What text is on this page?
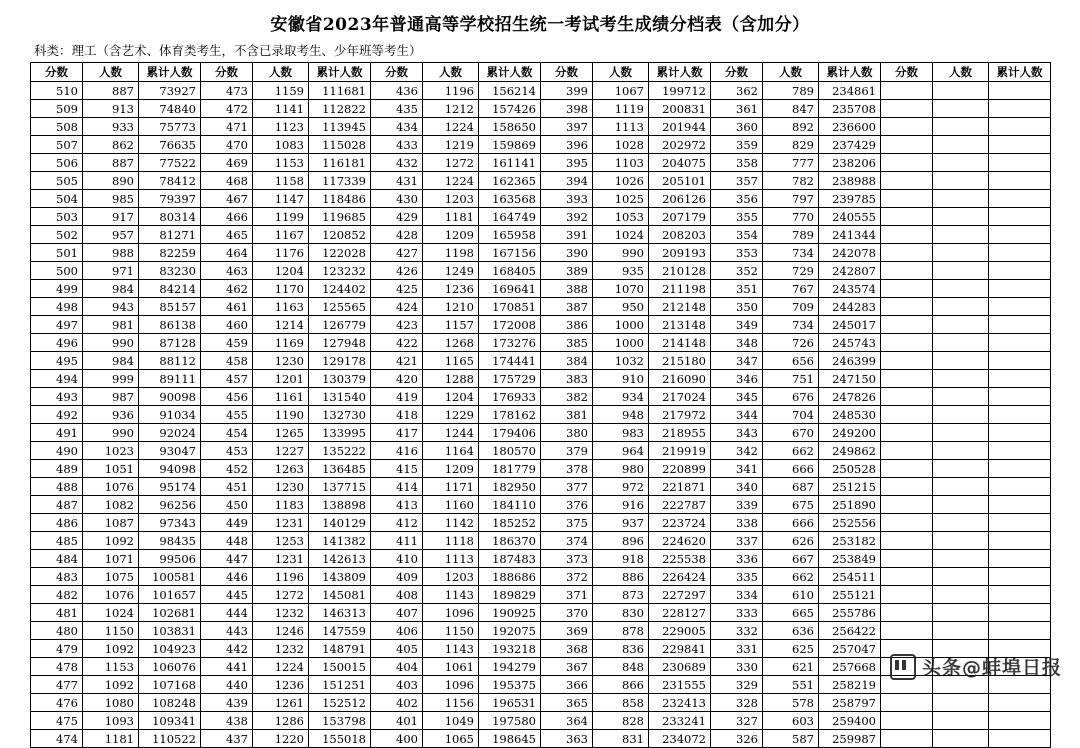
安徽省2023年普通高等学校招生统一考试考生成绩分档表（含加分）
科类：理工（含艺术、体育类考生，不含已录取考生、少年班等考生）
分数	人数	累计人数	分数	人数	累计人数	分数	人数	累计人数	分数	人数	累计人数	分数	人数	累计人数	分数	人数	累计人数
510	887	73927	473	1159	111681	436	1196	156214	399	1067	199712	362	789	234861			
509	913	74840	472	1141	112822	435	1212	157426	398	1119	200831	361	847	235708			
508	933	75773	471	1123	113945	434	1224	158650	397	1113	201944	360	892	236600			
507	862	76635	470	1083	115028	433	1219	159869	396	1028	202972	359	829	237429			
506	887	77522	469	1153	116181	432	1272	161141	395	1103	204075	358	777	238206			
505	890	78412	468	1158	117339	431	1224	162365	394	1026	205101	357	782	238988			
504	985	79397	467	1147	118486	430	1203	163568	393	1025	206126	356	797	239785			
503	917	80314	466	1199	119685	429	1181	164749	392	1053	207179	355	770	240555			
502	957	81271	465	1167	120852	428	1209	165958	391	1024	208203	354	789	241344			
501	988	82259	464	1176	122028	427	1198	167156	390	990	209193	353	734	242078			
500	971	83230	463	1204	123232	426	1249	168405	389	935	210128	352	729	242807			
499	984	84214	462	1170	124402	425	1236	169641	388	1070	211198	351	767	243574			
498	943	85157	461	1163	125565	424	1210	170851	387	950	212148	350	709	244283			
497	981	86138	460	1214	126779	423	1157	172008	386	1000	213148	349	734	245017			
496	990	87128	459	1169	127948	422	1268	173276	385	1000	214148	348	726	245743			
495	984	88112	458	1230	129178	421	1165	174441	384	1032	215180	347	656	246399			
494	999	89111	457	1201	130379	420	1288	175729	383	910	216090	346	751	247150			
493	987	90098	456	1161	131540	419	1204	176933	382	934	217024	345	676	247826			
492	936	91034	455	1190	132730	418	1229	178162	381	948	217972	344	704	248530			
491	990	92024	454	1265	133995	417	1244	179406	380	983	218955	343	670	249200			
490	1023	93047	453	1227	135222	416	1164	180570	379	964	219919	342	662	249862			
489	1051	94098	452	1263	136485	415	1209	181779	378	980	220899	341	666	250528			
488	1076	95174	451	1230	137715	414	1171	182950	377	972	221871	340	687	251215			
487	1082	96256	450	1183	138898	413	1160	184110	376	916	222787	339	675	251890			
486	1087	97343	449	1231	140129	412	1142	185252	375	937	223724	338	666	252556			
485	1092	98435	448	1253	141382	411	1118	186370	374	896	224620	337	626	253182			
484	1071	99506	447	1231	142613	410	1113	187483	373	918	225538	336	667	253849			
483	1075	100581	446	1196	143809	409	1203	188686	372	886	226424	335	662	254511			
482	1076	101657	445	1272	145081	408	1143	189829	371	873	227297	334	610	255121			
481	1024	102681	444	1232	146313	407	1096	190925	370	830	228127	333	665	255786			
480	1150	103831	443	1246	147559	406	1150	192075	369	878	229005	332	636	256422			
479	1092	104923	442	1232	148791	405	1143	193218	368	836	229841	331	625	257047			
478	1153	106076	441	1224	150015	404	1061	194279	367	848	230689	330	621	257668			
477	1092	107168	440	1236	151251	403	1096	195375	366	866	231555	329	551	258219			
476	1080	108248	439	1261	152512	402	1156	196531	365	858	232413	328	578	258797			
475	1093	109341	438	1286	153798	401	1049	197580	364	828	233241	327	603	259400			
474	1181	110522	437	1220	155018	400	1065	198645	363	831	234072	326	587	259987			
头条@蚌埠日报
